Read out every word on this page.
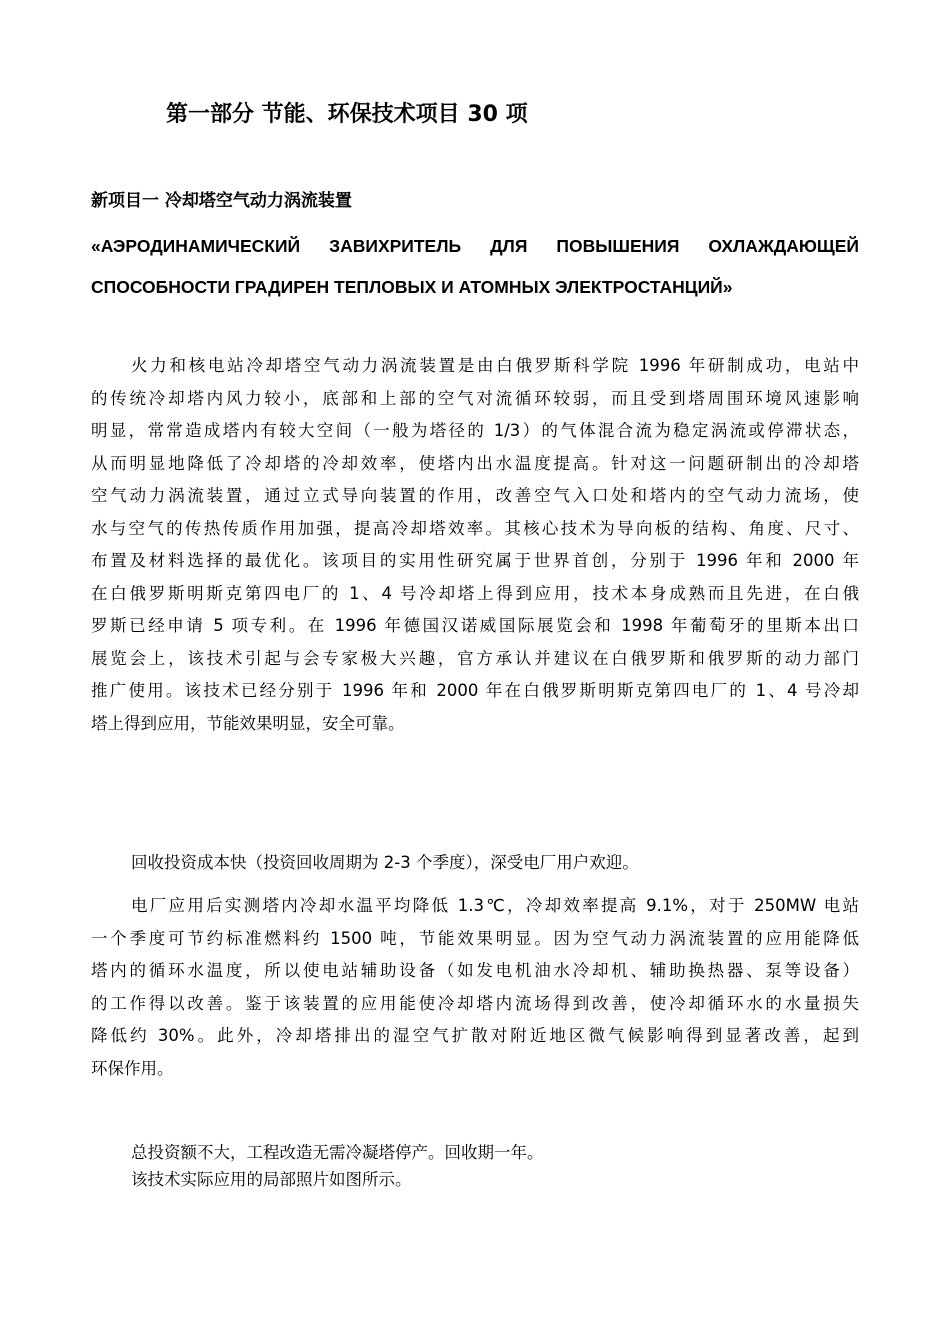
第一部分 节能、环保技术项目 30 项
新项目一 冷却塔空气动力涡流装置
«АЭРОДИНАМИЧЕСКИЙ ЗАВИХРИТЕЛЬ ДЛЯ ПОВЫШЕНИЯ ОХЛАЖДАЮЩЕЙ
СПОСОБНОСТИ ГРАДИРЕН ТЕПЛОВЫХ И АТОМНЫХ ЭЛЕКТРОСТАНЦИЙ»
火力和核电站冷却塔空气动力涡流装置是由白俄罗斯科学院 1996 年研制成功，电站中
的传统冷却塔内风力较小，底部和上部的空气对流循环较弱，而且受到塔周围环境风速影响
明显，常常造成塔内有较大空间（一般为塔径的 1/3）的气体混合流为稳定涡流或停滞状态，
从而明显地降低了冷却塔的冷却效率，使塔内出水温度提高。针对这一问题研制出的冷却塔
空气动力涡流装置，通过立式导向装置的作用，改善空气入口处和塔内的空气动力流场，使
水与空气的传热传质作用加强，提高冷却塔效率。其核心技术为导向板的结构、角度、尺寸、
布置及材料选择的最优化。该项目的实用性研究属于世界首创，分别于 1996 年和 2000 年
在白俄罗斯明斯克第四电厂的 1、4 号冷却塔上得到应用，技术本身成熟而且先进，在白俄
罗斯已经申请 5 项专利。在 1996 年德国汉诺威国际展览会和 1998 年葡萄牙的里斯本出口
展览会上，该技术引起与会专家极大兴趣，官方承认并建议在白俄罗斯和俄罗斯的动力部门
推广使用。该技术已经分别于 1996 年和 2000 年在白俄罗斯明斯克第四电厂的 1、4 号冷却
塔上得到应用，节能效果明显，安全可靠。
回收投资成本快（投资回收周期为 2-3 个季度），深受电厂用户欢迎。
电厂应用后实测塔内冷却水温平均降低 1.3℃，冷却效率提高 9.1%，对于 250MW 电站
一个季度可节约标准燃料约 1500 吨，节能效果明显。因为空气动力涡流装置的应用能降低
塔内的循环水温度，所以使电站辅助设备（如发电机油水冷却机、辅助换热器、泵等设备）
的工作得以改善。鉴于该装置的应用能使冷却塔内流场得到改善，使冷却循环水的水量损失
降低约 30%。此外，冷却塔排出的湿空气扩散对附近地区微气候影响得到显著改善，起到
环保作用。
总投资额不大，工程改造无需冷凝塔停产。回收期一年。
该技术实际应用的局部照片如图所示。
